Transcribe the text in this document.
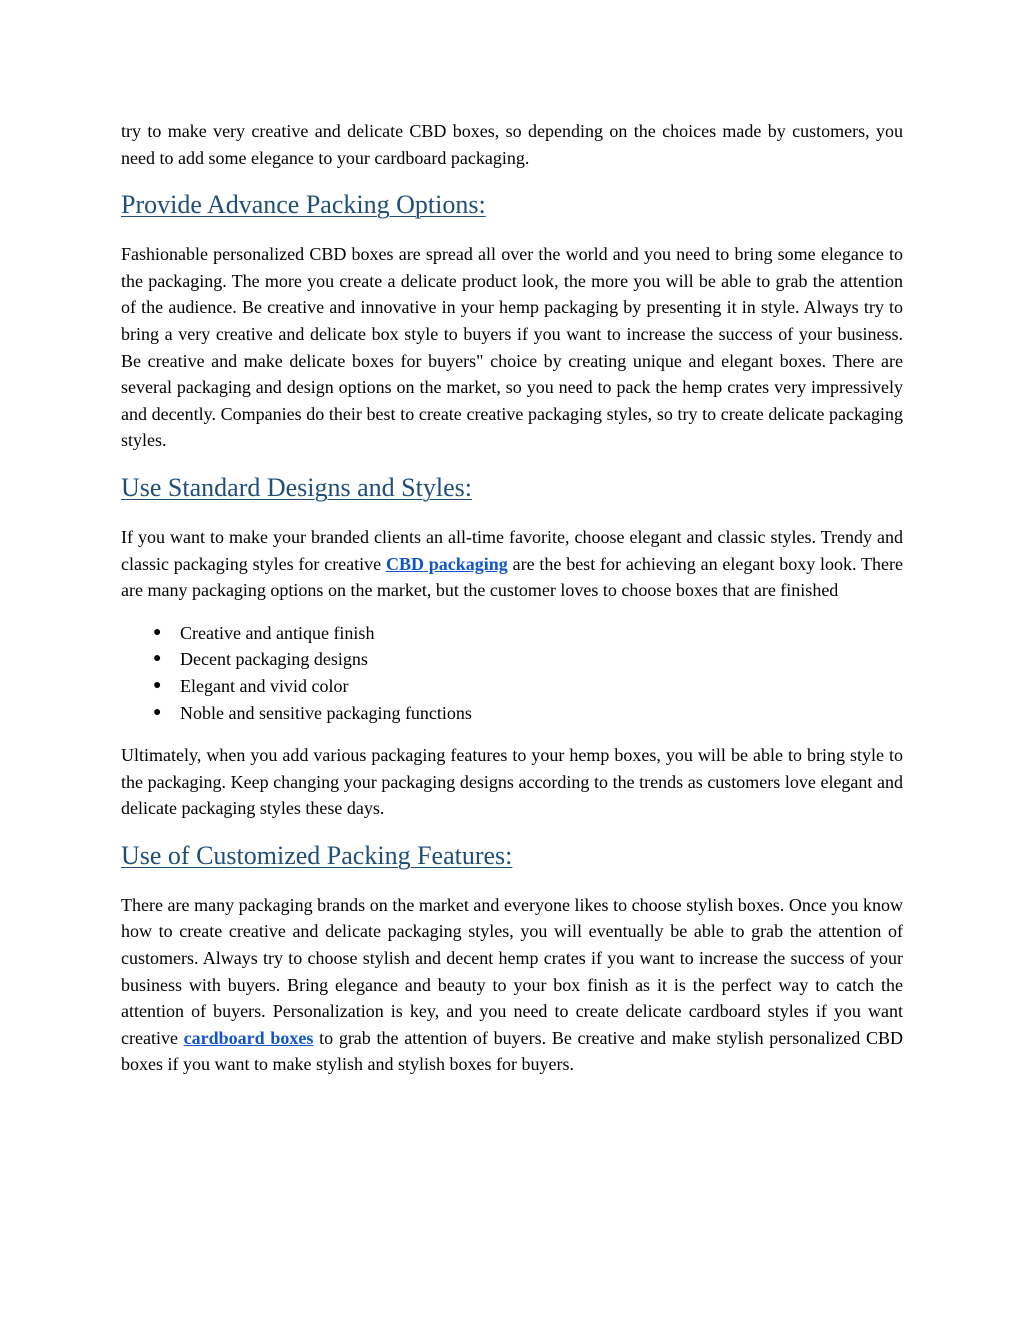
try to make very creative and delicate CBD boxes, so depending on the choices made by customers, you need to add some elegance to your cardboard packaging.

Provide Advance Packing Options:

Fashionable personalized CBD boxes are spread all over the world and you need to bring some elegance to the packaging. The more you create a delicate product look, the more you will be able to grab the attention of the audience. Be creative and innovative in your hemp packaging by presenting it in style. Always try to bring a very creative and delicate box style to buyers if you want to increase the success of your business. Be creative and make delicate boxes for buyers" choice by creating unique and elegant boxes. There are several packaging and design options on the market, so you need to pack the hemp crates very impressively and decently. Companies do their best to create creative packaging styles, so try to create delicate packaging styles.

Use Standard Designs and Styles:

If you want to make your branded clients an all-time favorite, choose elegant and classic styles. Trendy and classic packaging styles for creative CBD packaging are the best for achieving an elegant boxy look. There are many packaging options on the market, but the customer loves to choose boxes that are finished

● Creative and antique finish
● Decent packaging designs
● Elegant and vivid color
● Noble and sensitive packaging functions

Ultimately, when you add various packaging features to your hemp boxes, you will be able to bring style to the packaging. Keep changing your packaging designs according to the trends as customers love elegant and delicate packaging styles these days.

Use of Customized Packing Features:

There are many packaging brands on the market and everyone likes to choose stylish boxes. Once you know how to create creative and delicate packaging styles, you will eventually be able to grab the attention of customers. Always try to choose stylish and decent hemp crates if you want to increase the success of your business with buyers. Bring elegance and beauty to your box finish as it is the perfect way to catch the attention of buyers. Personalization is key, and you need to create delicate cardboard styles if you want creative cardboard boxes to grab the attention of buyers. Be creative and make stylish personalized CBD boxes if you want to make stylish and stylish boxes for buyers.
